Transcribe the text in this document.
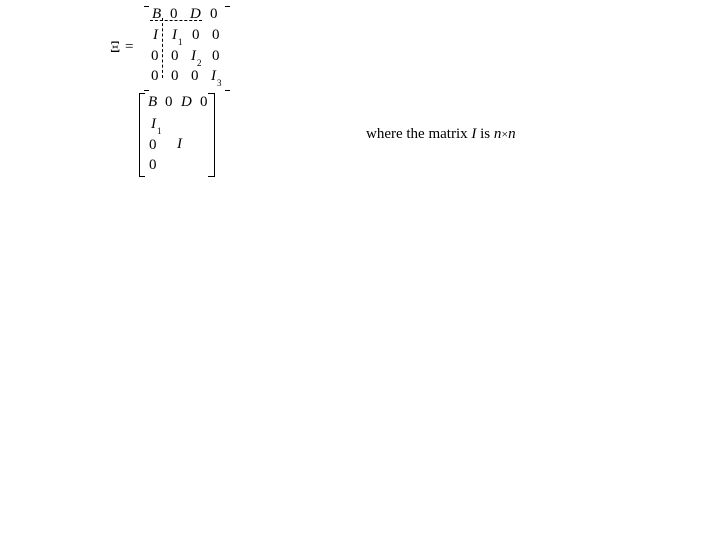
Ξ =
B 0 D 0
I I 1 0 0
0 0 I 2 0
0 0 0 I 3
B 0 D 0
I 1
0
0
I
where the matrix I is n×n
